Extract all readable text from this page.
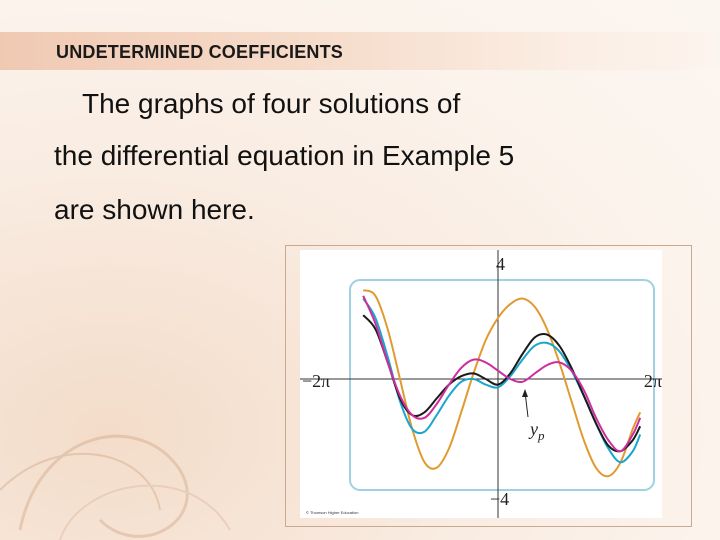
UNDETERMINED COEFFICIENTS
The graphs of four solutions of
the differential equation in Example 5
are shown here.
4
−4
−2π	2π
$y_p$
© Thomson Higher Education
